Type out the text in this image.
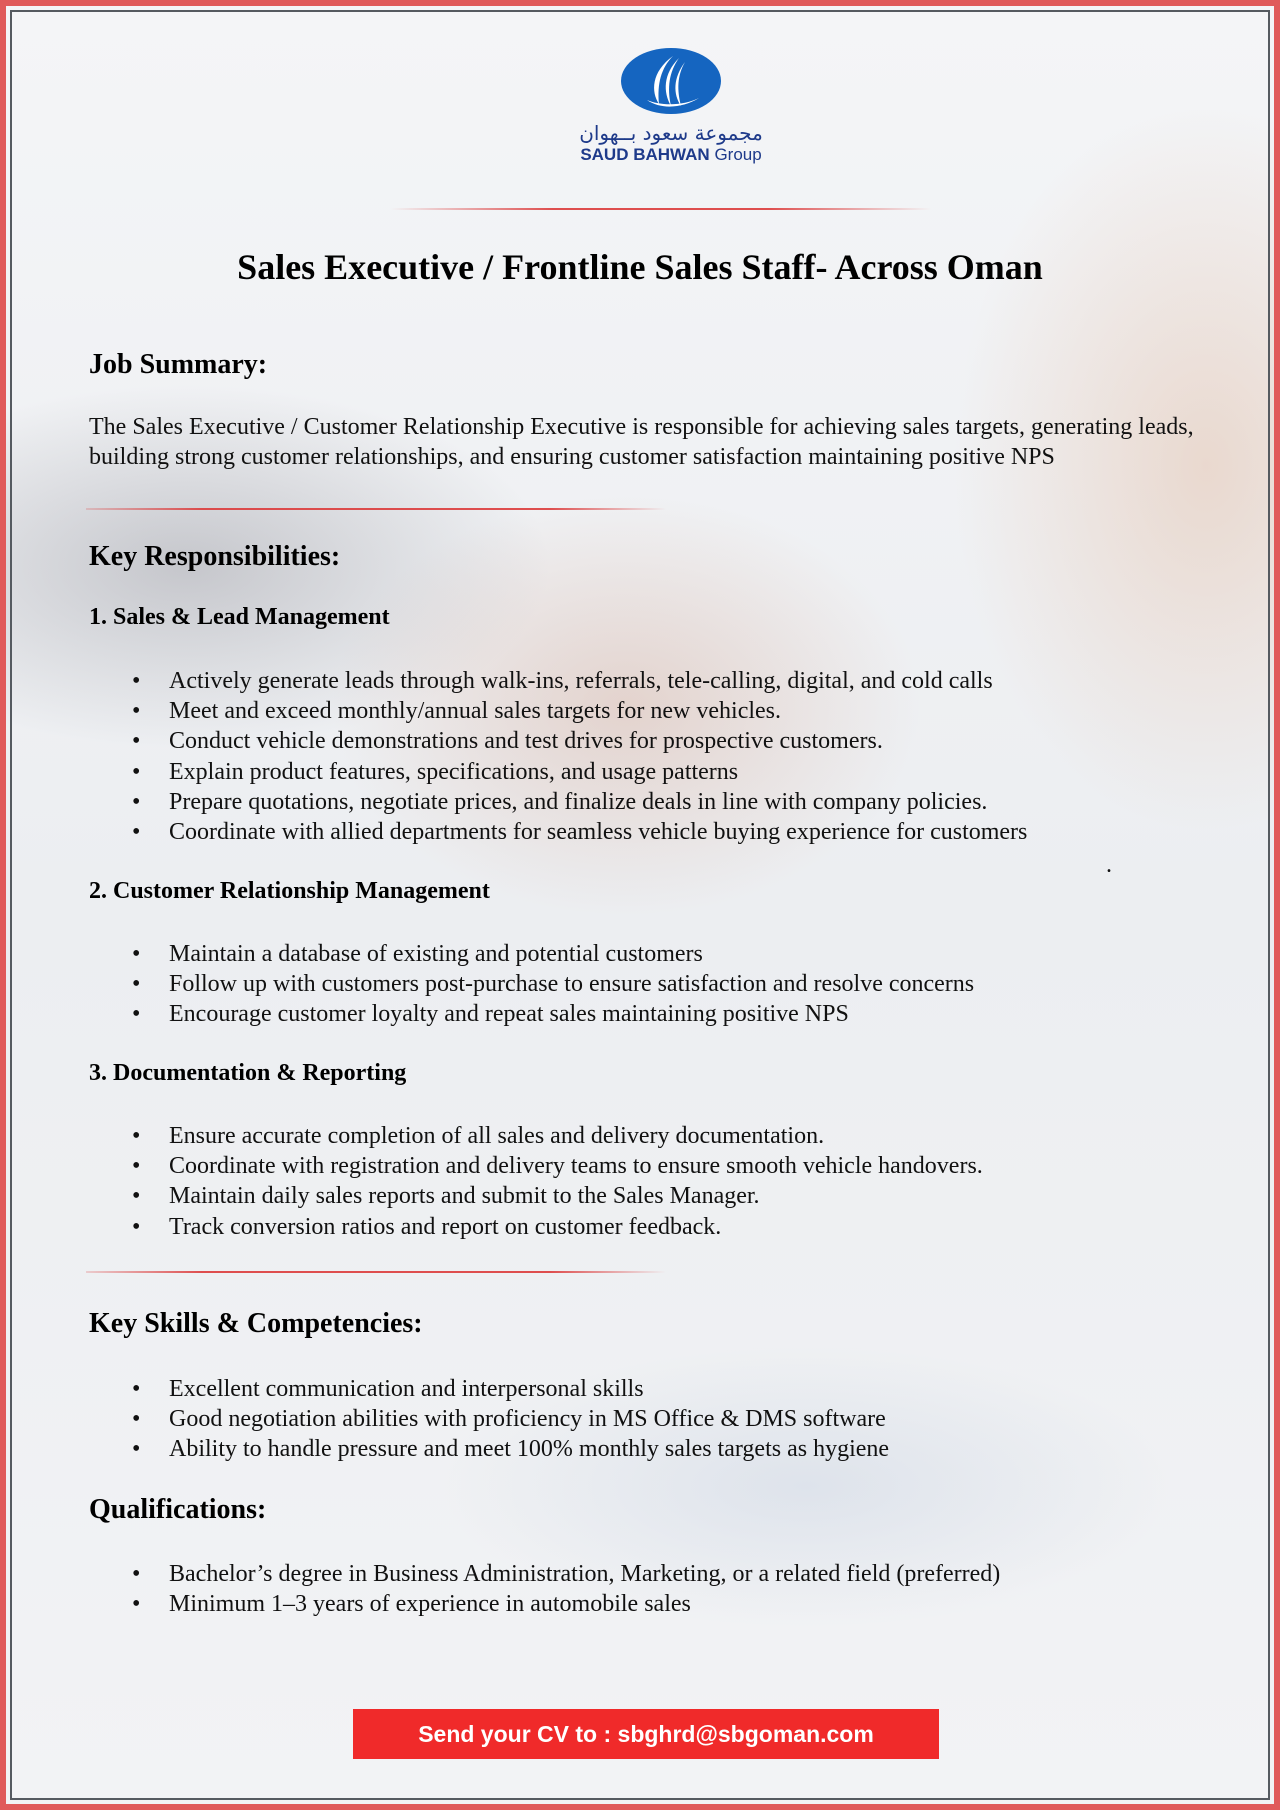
مجموعة سعود بــهوان
SAUD BAHWAN Group
Sales Executive / Frontline Sales Staff- Across Oman
Job Summary:
The Sales Executive / Customer Relationship Executive is responsible for achieving sales targets, generating leads, building strong customer relationships, and ensuring customer satisfaction maintaining positive NPS
Key Responsibilities:
1. Sales & Lead Management
• Actively generate leads through walk-ins, referrals, tele-calling, digital, and cold calls
• Meet and exceed monthly/annual sales targets for new vehicles.
• Conduct vehicle demonstrations and test drives for prospective customers.
• Explain product features, specifications, and usage patterns
• Prepare quotations, negotiate prices, and finalize deals in line with company policies.
• Coordinate with allied departments for seamless vehicle buying experience for customers
.
2. Customer Relationship Management
• Maintain a database of existing and potential customers
• Follow up with customers post-purchase to ensure satisfaction and resolve concerns
• Encourage customer loyalty and repeat sales maintaining positive NPS
3. Documentation & Reporting
• Ensure accurate completion of all sales and delivery documentation.
• Coordinate with registration and delivery teams to ensure smooth vehicle handovers.
• Maintain daily sales reports and submit to the Sales Manager.
• Track conversion ratios and report on customer feedback.
Key Skills & Competencies:
• Excellent communication and interpersonal skills
• Good negotiation abilities with proficiency in MS Office & DMS software
• Ability to handle pressure and meet 100% monthly sales targets as hygiene
Qualifications:
• Bachelor’s degree in Business Administration, Marketing, or a related field (preferred)
• Minimum 1–3 years of experience in automobile sales
Send your CV to : sbghrd@sbgoman.com
